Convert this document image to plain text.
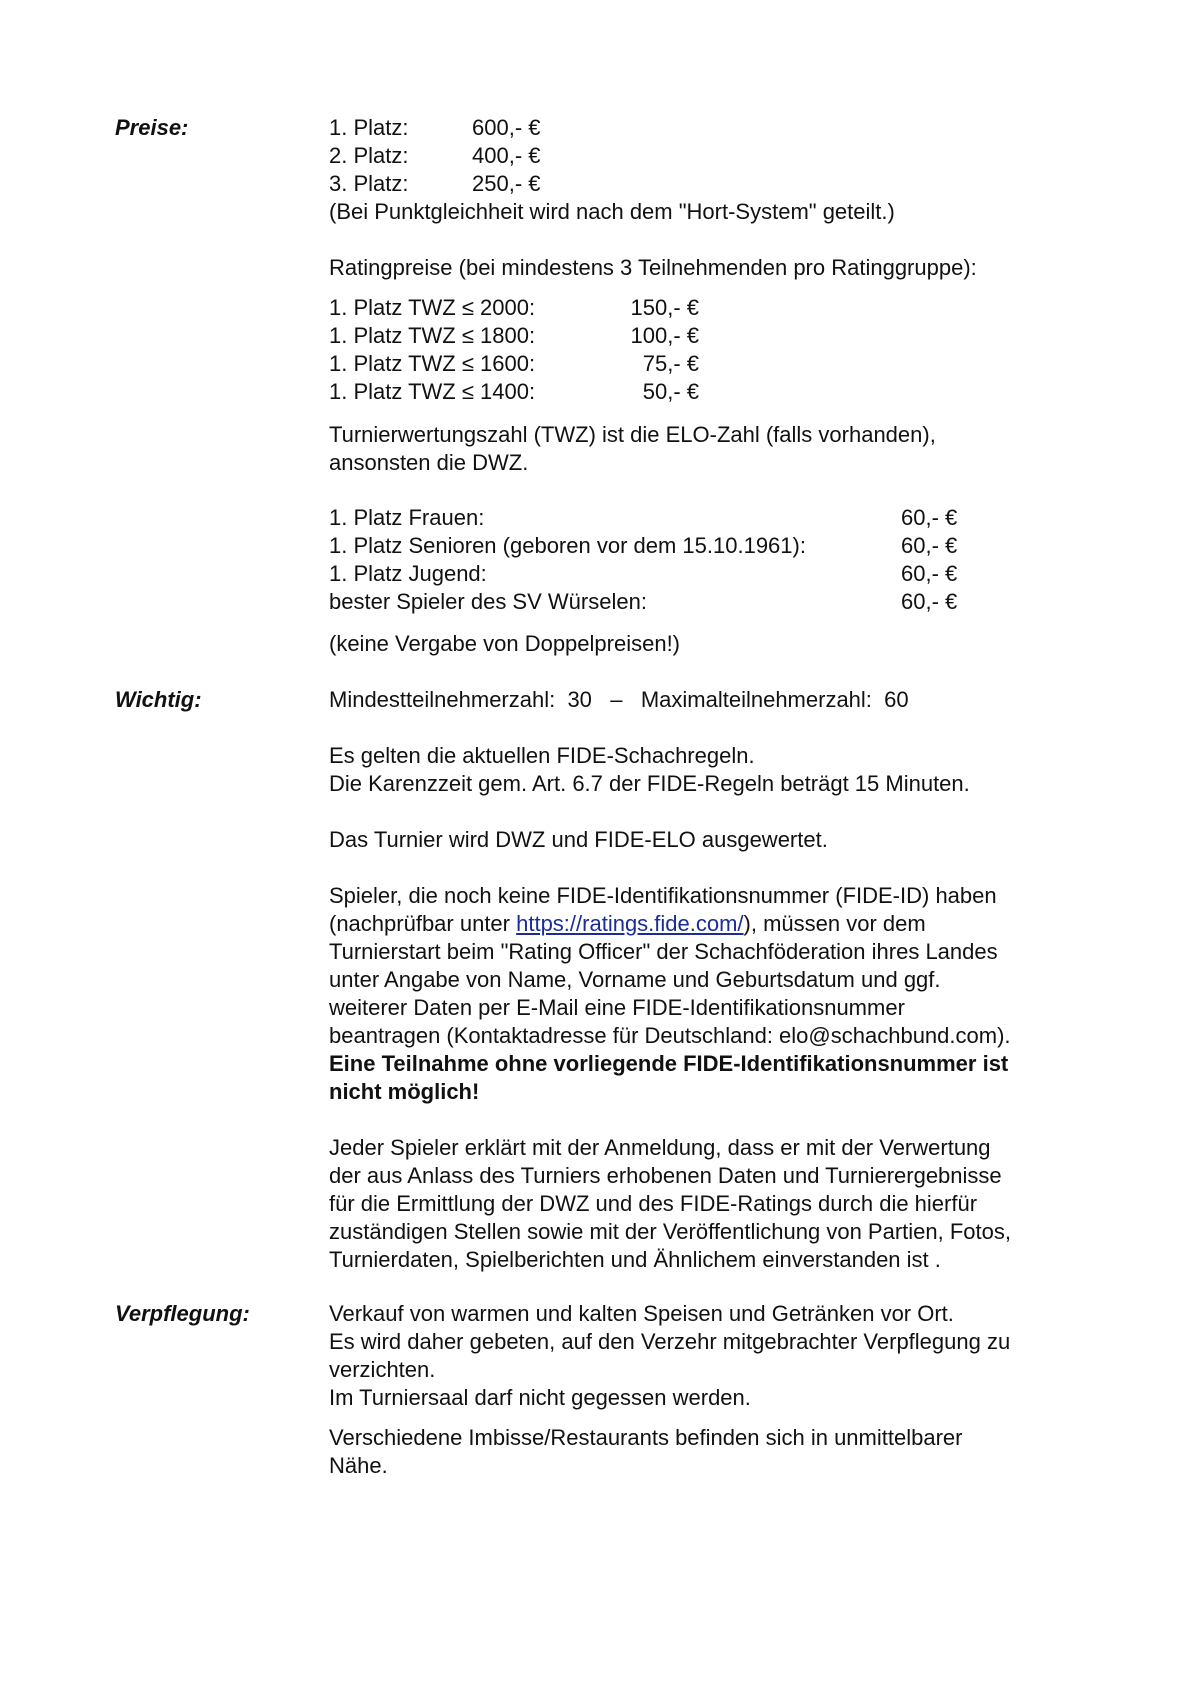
Preise:	1. Platz:	600,- €
2. Platz:	400,- €
3. Platz:	250,- €
(Bei Punktgleichheit wird nach dem "Hort-System" geteilt.)
Ratingpreise (bei mindestens 3 Teilnehmenden pro Ratinggruppe):
1. Platz TWZ ≤ 2000:	150,- €
1. Platz TWZ ≤ 1800:	100,- €
1. Platz TWZ ≤ 1600:	75,- €
1. Platz TWZ ≤ 1400:	50,- €
Turnierwertungszahl (TWZ) ist die ELO-Zahl (falls vorhanden),
ansonsten die DWZ.
1. Platz Frauen:	60,- €
1. Platz Senioren (geboren vor dem 15.10.1961):	60,- €
1. Platz Jugend:	60,- €
bester Spieler des SV Würselen:	60,- €
(keine Vergabe von Doppelpreisen!)
Wichtig:	Mindestteilnehmerzahl:  30   –   Maximalteilnehmerzahl:  60
Es gelten die aktuellen FIDE-Schachregeln.
Die Karenzzeit gem. Art. 6.7 der FIDE-Regeln beträgt 15 Minuten.
Das Turnier wird DWZ und FIDE-ELO ausgewertet.
Spieler, die noch keine FIDE-Identifikationsnummer (FIDE-ID) haben
(nachprüfbar unter https://ratings.fide.com/), müssen vor dem
Turnierstart beim "Rating Officer" der Schachföderation ihres Landes
unter Angabe von Name, Vorname und Geburtsdatum und ggf.
weiterer Daten per E-Mail eine FIDE-Identifikationsnummer
beantragen (Kontaktadresse für Deutschland: elo@schachbund.com).
Eine Teilnahme ohne vorliegende FIDE-Identifikationsnummer ist
nicht möglich!
Jeder Spieler erklärt mit der Anmeldung, dass er mit der Verwertung
der aus Anlass des Turniers erhobenen Daten und Turnierergebnisse
für die Ermittlung der DWZ und des FIDE-Ratings durch die hierfür
zuständigen Stellen sowie mit der Veröffentlichung von Partien, Fotos,
Turnierdaten, Spielberichten und Ähnlichem einverstanden ist .
Verpflegung:	Verkauf von warmen und kalten Speisen und Getränken vor Ort.
Es wird daher gebeten, auf den Verzehr mitgebrachter Verpflegung zu
verzichten.
Im Turniersaal darf nicht gegessen werden.
Verschiedene Imbisse/Restaurants befinden sich in unmittelbarer
Nähe.
